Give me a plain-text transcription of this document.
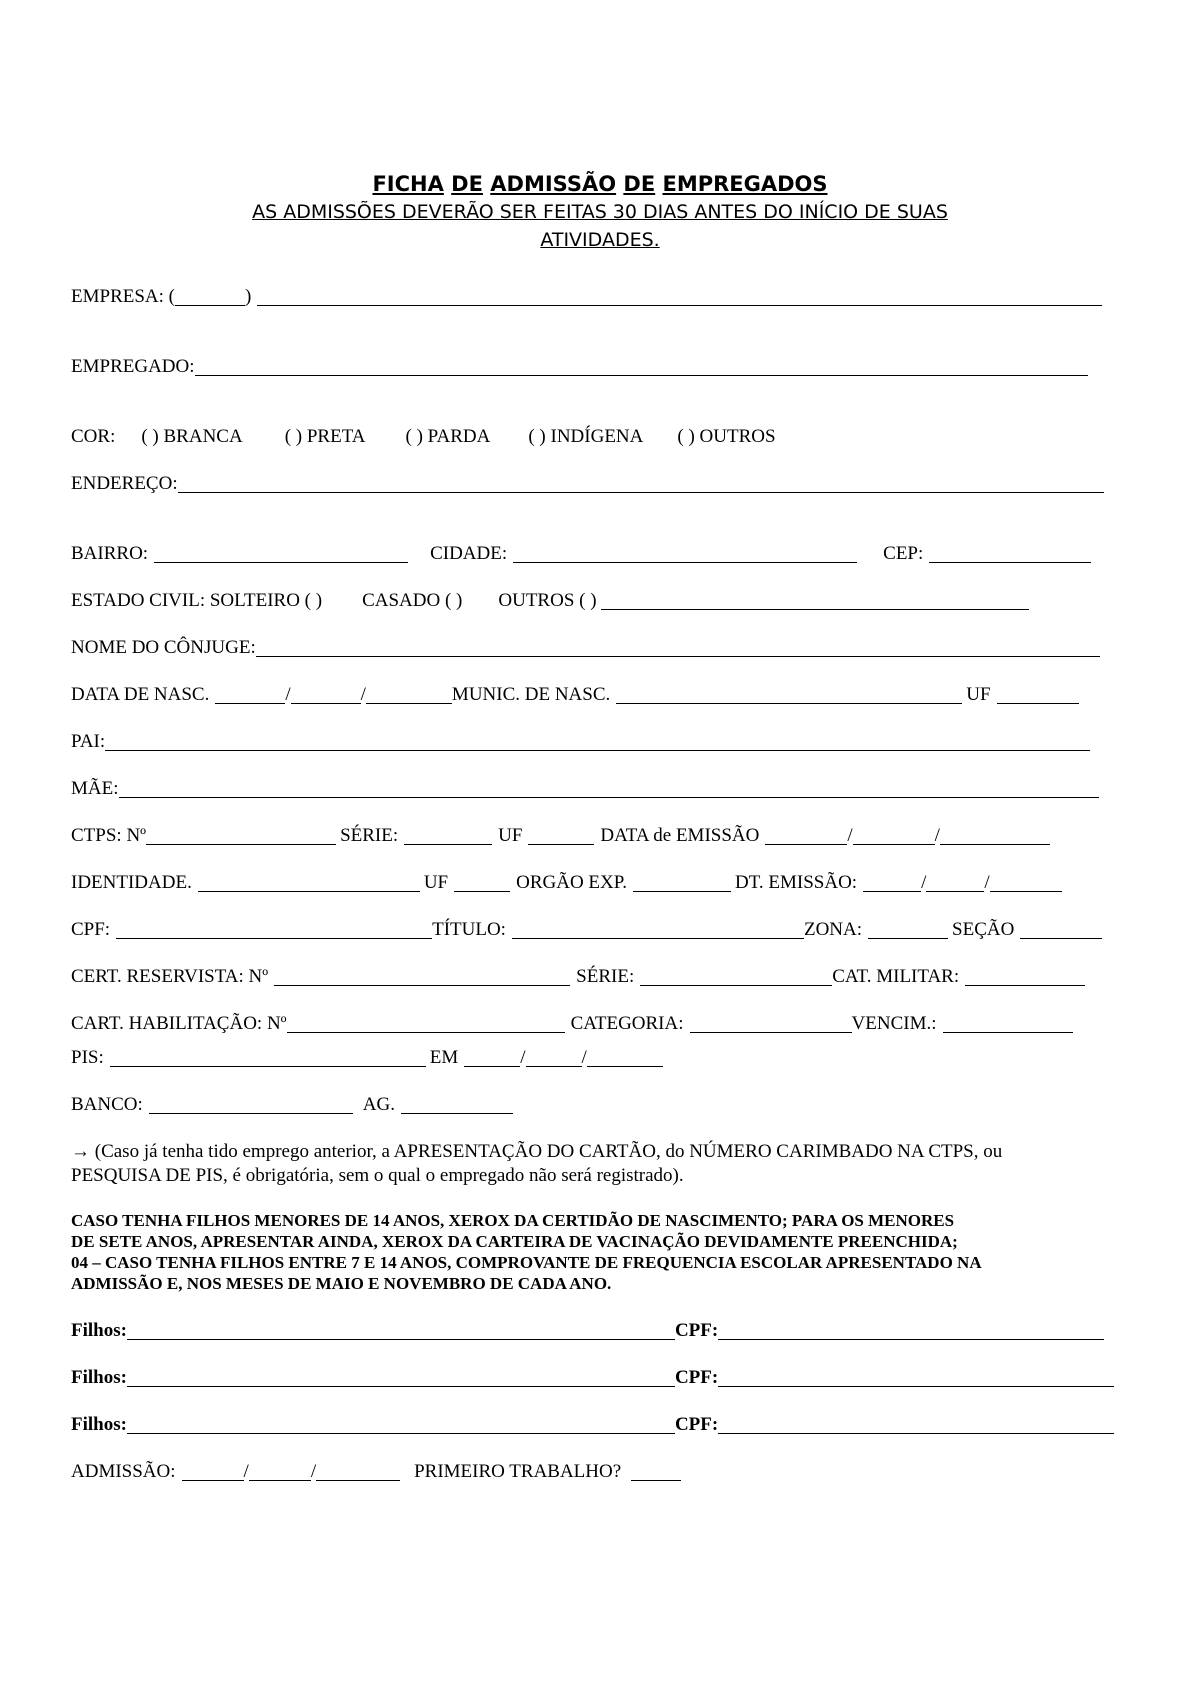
FICHA DE ADMISSÃO DE EMPREGADOS
AS ADMISSÕES DEVERÃO SER FEITAS 30 DIAS ANTES DO INÍCIO DE SUAS
ATIVIDADES.
EMPRESA: (	)
EMPREGADO:
COR: ( ) BRANCA ( ) PRETA ( ) PARDA ( ) INDÍGENA ( ) OUTROS
ENDEREÇO:
BAIRRO:	CIDADE:	CEP:
ESTADO CIVIL: SOLTEIRO ( ) CASADO ( ) OUTROS ( )
NOME DO CÔNJUGE:
DATA DE NASC.	/	/	MUNIC. DE NASC.	UF
PAI:
MÃE:
CTPS: Nº	SÉRIE:	UF	DATA de EMISSÃO	/	/
IDENTIDADE.	UF	ORGÃO EXP.	DT. EMISSÃO:	/	/
CPF:	TÍTULO:	ZONA:	SEÇÃO
CERT. RESERVISTA: Nº	SÉRIE:	CAT. MILITAR:
CART. HABILITAÇÃO: Nº	CATEGORIA:	VENCIM.:
PIS:	EM	/	/
BANCO:	AG.
→ (Caso já tenha tido emprego anterior, a APRESENTAÇÃO DO CARTÃO, do NÚMERO CARIMBADO NA CTPS, ou
PESQUISA DE PIS, é obrigatória, sem o qual o empregado não será registrado).
CASO TENHA FILHOS MENORES DE 14 ANOS, XEROX DA CERTIDÃO DE NASCIMENTO; PARA OS MENORES
DE SETE ANOS, APRESENTAR AINDA, XEROX DA CARTEIRA DE VACINAÇÃO DEVIDAMENTE PREENCHIDA;
04 – CASO TENHA FILHOS ENTRE 7 E 14 ANOS, COMPROVANTE DE FREQUENCIA ESCOLAR APRESENTADO NA
ADMISSÃO E, NOS MESES DE MAIO E NOVEMBRO DE CADA ANO.
Filhos:	CPF:
Filhos:	CPF:
Filhos:	CPF:
ADMISSÃO:	/	/	PRIMEIRO TRABALHO?
